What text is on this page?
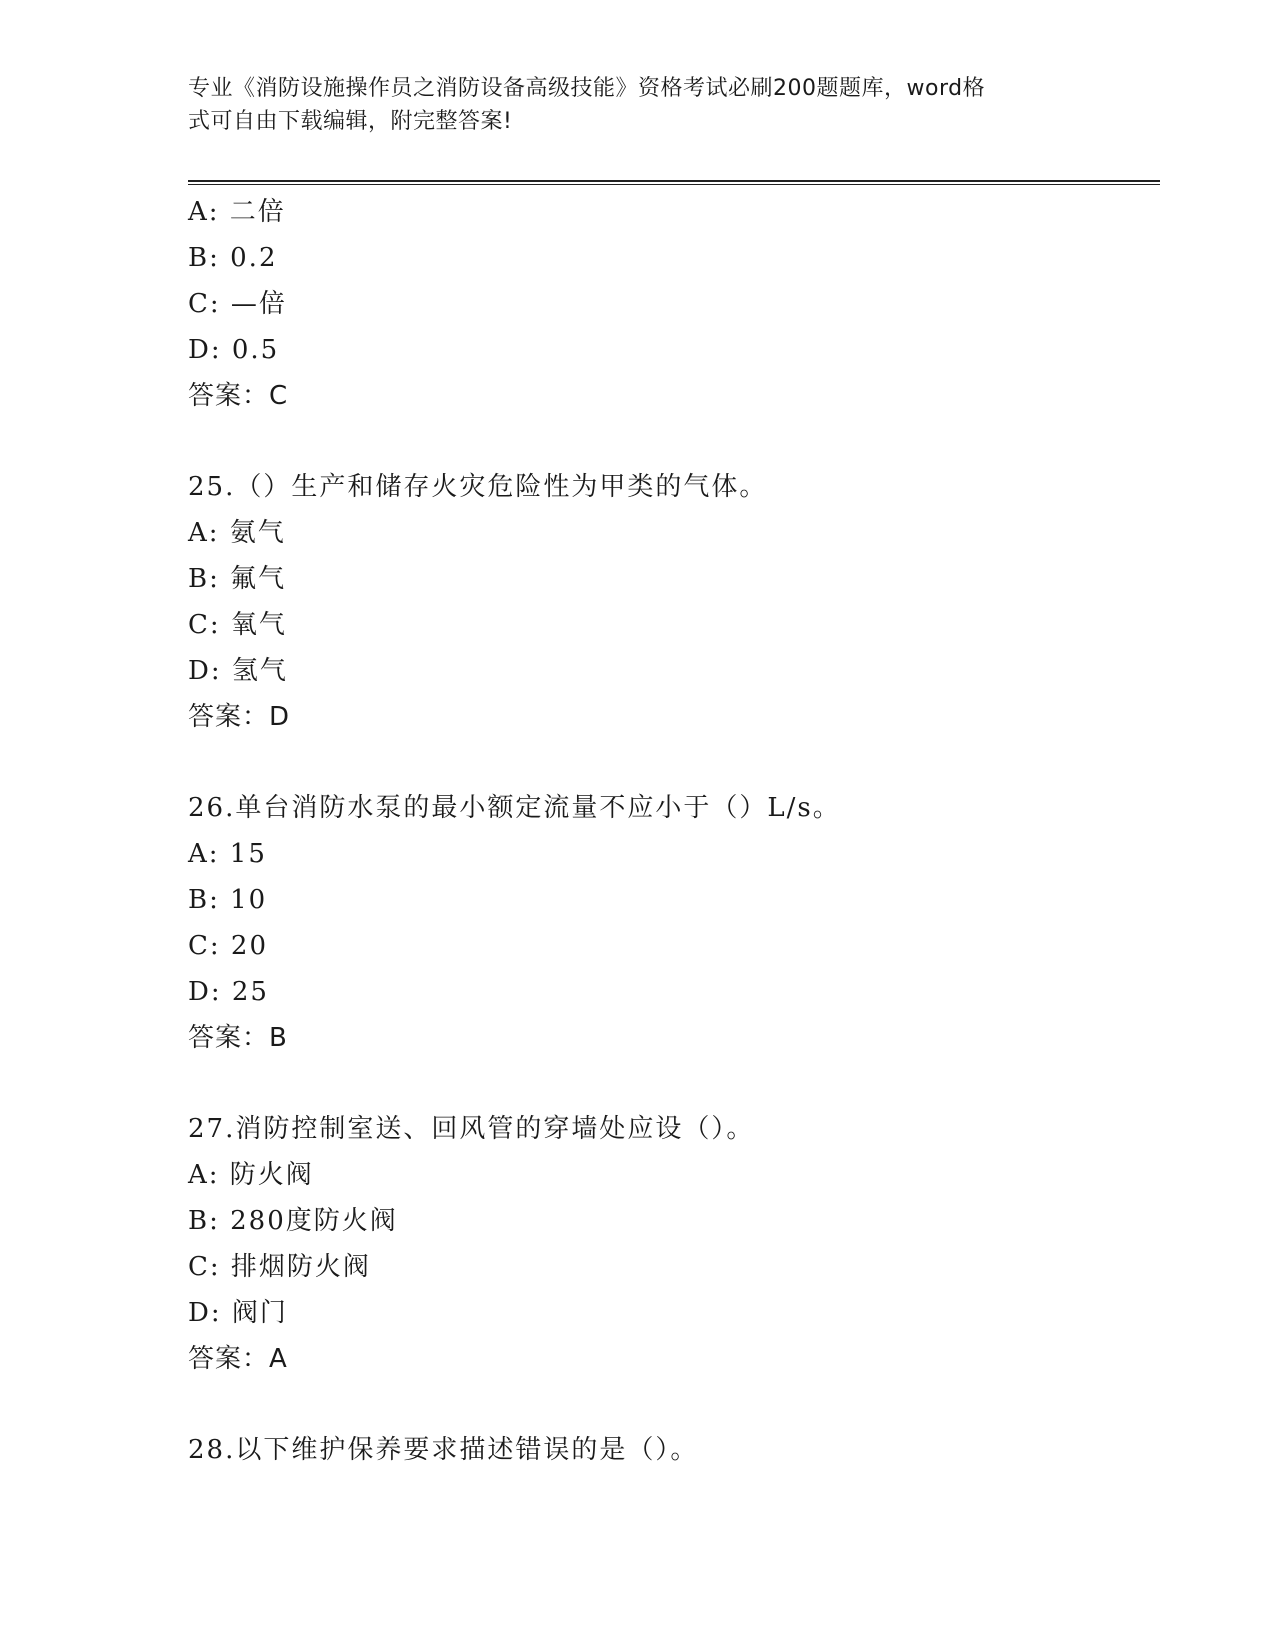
专业《消防设施操作员之消防设备高级技能》资格考试必刷200题题库，word格
式可自由下载编辑，附完整答案!
A: 二倍
B: 0.2
C: —倍
D: 0.5
答案：C
25.（）生产和储存火灾危险性为甲类的气体。
A: 氨气
B: 氟气
C: 氧气
D: 氢气
答案：D
26.单台消防水泵的最小额定流量不应小于（）L/s。
A: 15
B: 10
C: 20
D: 25
答案：B
27.消防控制室送、回风管的穿墙处应设（）。
A: 防火阀
B: 280度防火阀
C: 排烟防火阀
D: 阀门
答案：A
28.以下维护保养要求描述错误的是（）。
